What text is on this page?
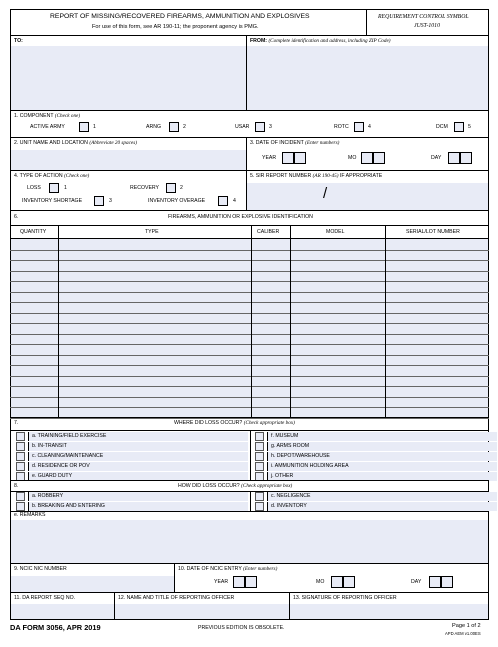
REPORT OF MISSING/RECOVERED FIREARMS, AMMUNITION AND EXPLOSIVES
For use of this form, see AR 190-11; the proponent agency is PMG.
REQUIREMENT CONTROL SYMBOL
JUST-1010
TO:	FROM: (Complete identification and address, including ZIP Code)
1. COMPONENT (Check one)
ACTIVE ARMY	1	ARNG	2	USAR	3	ROTC	4	DCM	5
2. UNIT NAME AND LOCATION (Abbreviate 20 spaces)	3. DATE OF INCIDENT (Enter numbers)
YEAR	MO	DAY
4. TYPE OF ACTION (Check one)
LOSS	1	RECOVERY	2
INVENTORY SHORTAGE	3	INVENTORY OVERAGE	4
5. SIR REPORT NUMBER (AR 190-45) IF APPROPRIATE
/
6.	FIREARMS, AMMUNITION OR EXPLOSIVE IDENTIFICATION
QUANTITY	TYPE	CALIBER	MODEL	SERIAL/LOT NUMBER
7.	WHERE DID LOSS OCCUR? (Check appropriate box)
a. TRAINING/FIELD EXERCISE
b. IN-TRANSIT
c. CLEANING/MAINTENANCE
d. RESIDENCE OR POV
e. GUARD DUTY
f. MUSEUM
g. ARMS ROOM
h. DEPOT/WAREHOUSE
i. AMMUNITION HOLDING AREA
j. OTHER
8.	HOW DID LOSS OCCUR? (Check appropriate box)
a. ROBBERY
b. BREAKING AND ENTERING
c. NEGLIGENCE
d. INVENTORY
e. REMARKS
9. NCIC NIC NUMBER	10. DATE OF NCIC ENTRY (Enter numbers)
YEAR	MO	DAY
11. DA REPORT SEQ NO.	12. NAME AND TITLE OF REPORTING OFFICER	13. SIGNATURE OF REPORTING OFFICER
DA FORM 3056, APR 2019	PREVIOUS EDITION IS OBSOLETE.	Page 1 of 2
APD AEM v1.00ES
